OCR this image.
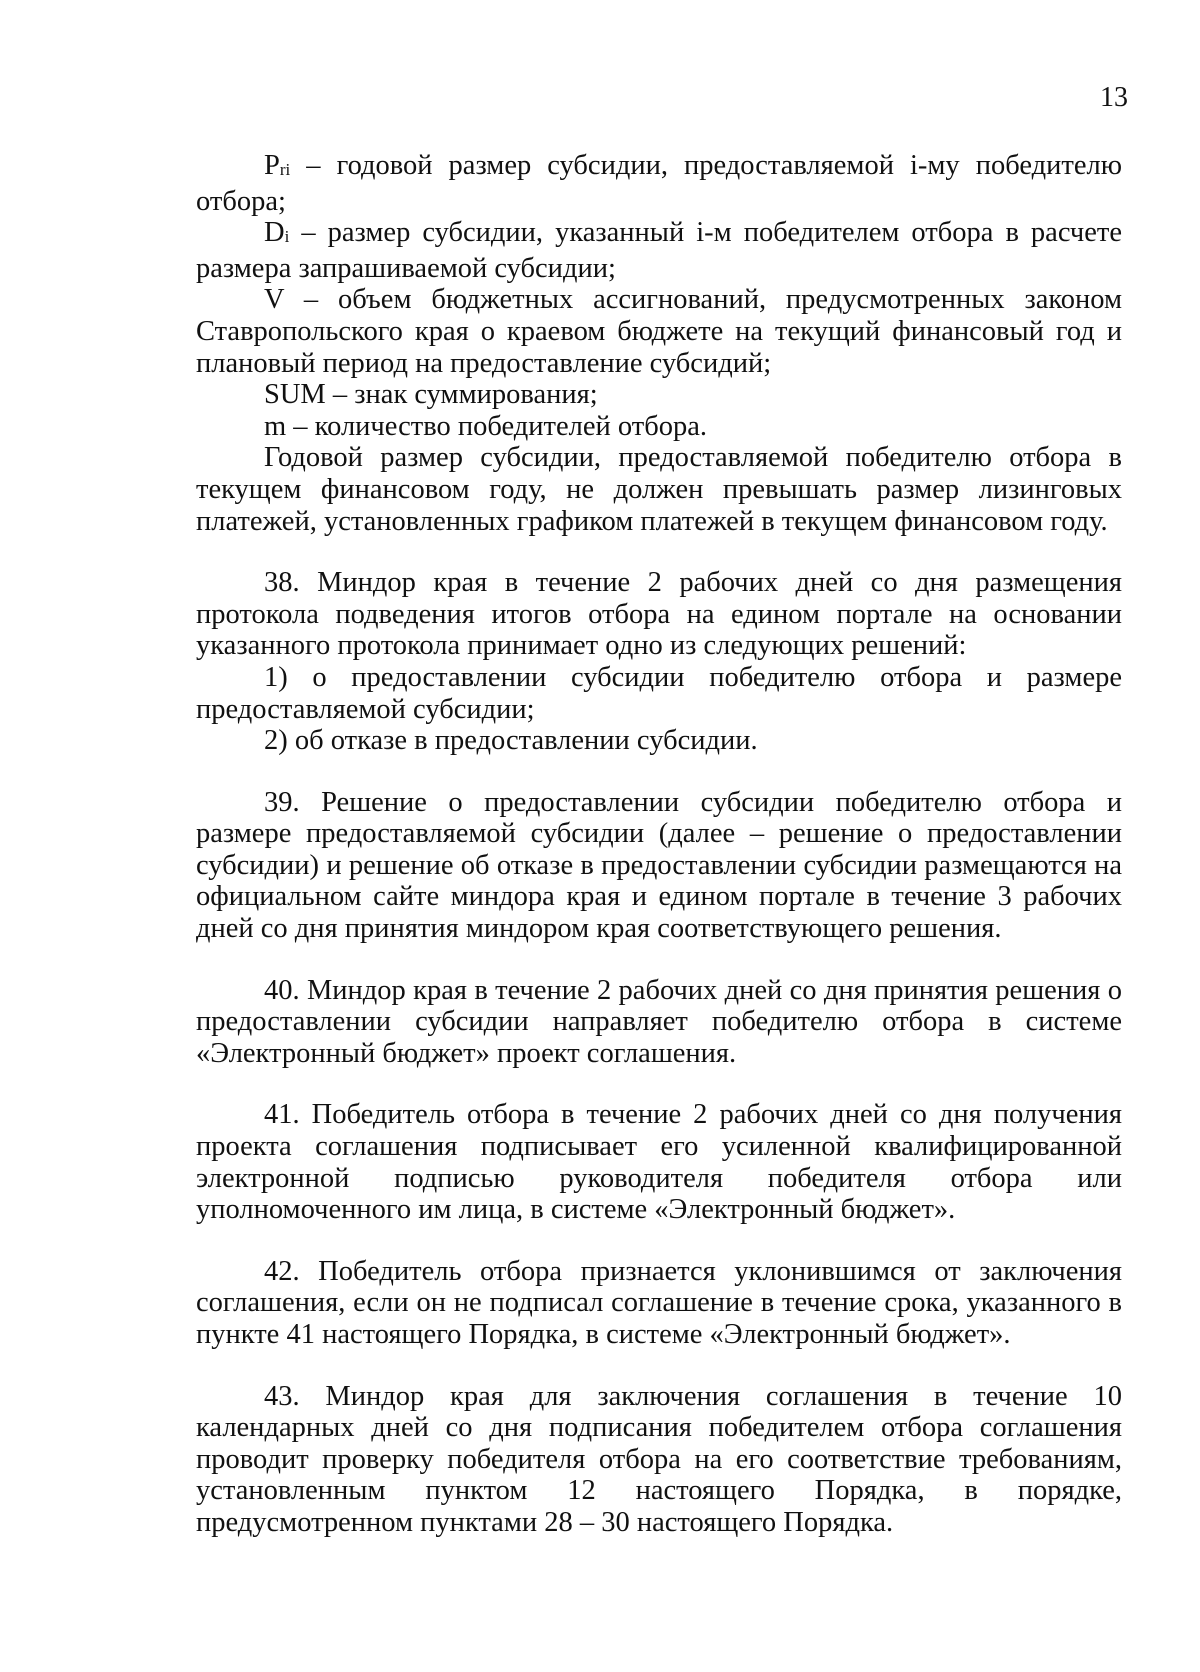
13

Pri – годовой размер субсидии, предоставляемой i-му победителю отбора;

Di – размер субсидии, указанный i-м победителем отбора в расчете размера запрашиваемой субсидии;

V – объем бюджетных ассигнований, предусмотренных законом Ставропольского края о краевом бюджете на текущий финансовый год и плановый период на предоставление субсидий;

SUM – знак суммирования;

m – количество победителей отбора.

Годовой размер субсидии, предоставляемой победителю отбора в текущем финансовом году, не должен превышать размер лизинговых платежей, установленных графиком платежей в текущем финансовом году.

38. Миндор края в течение 2 рабочих дней со дня размещения протокола подведения итогов отбора на едином портале на основании указанного протокола принимает одно из следующих решений:

1) о предоставлении субсидии победителю отбора и размере предоставляемой субсидии;

2) об отказе в предоставлении субсидии.

39. Решение о предоставлении субсидии победителю отбора и размере предоставляемой субсидии (далее – решение о предоставлении субсидии) и решение об отказе в предоставлении субсидии размещаются на официальном сайте миндора края и едином портале в течение 3 рабочих дней со дня принятия миндором края соответствующего решения.

40. Миндор края в течение 2 рабочих дней со дня принятия решения о предоставлении субсидии направляет победителю отбора в системе «Электронный бюджет» проект соглашения.

41. Победитель отбора в течение 2 рабочих дней со дня получения проекта соглашения подписывает его усиленной квалифицированной электронной подписью руководителя победителя отбора или уполномоченного им лица, в системе «Электронный бюджет».

42. Победитель отбора признается уклонившимся от заключения соглашения, если он не подписал соглашение в течение срока, указанного в пункте 41 настоящего Порядка, в системе «Электронный бюджет».

43. Миндор края для заключения соглашения в течение 10 календарных дней со дня подписания победителем отбора соглашения проводит проверку победителя отбора на его соответствие требованиям, установленным пунктом 12 настоящего Порядка, в порядке, предусмотренном пунктами 28 – 30 настоящего Порядка.
